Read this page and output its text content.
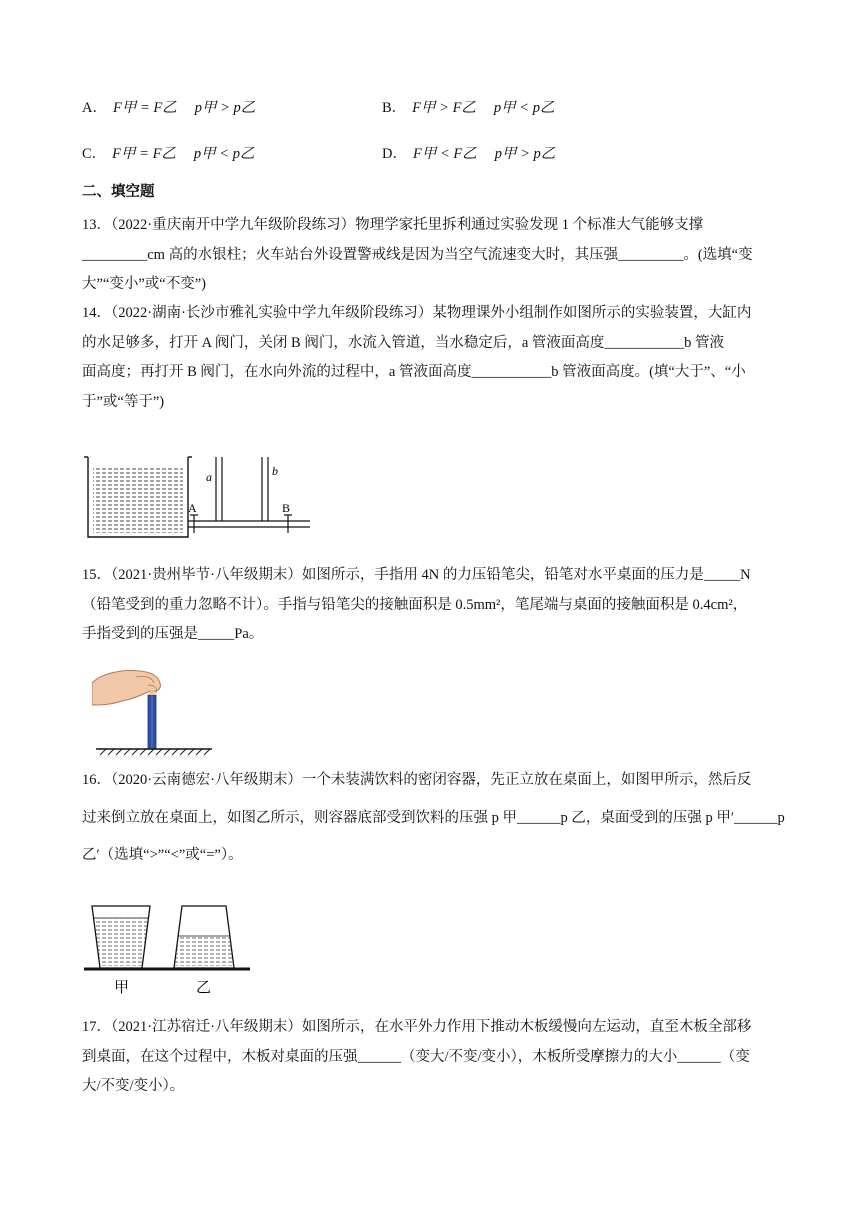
A． F甲 = F乙 p甲 > p乙	B． F甲 > F乙 p甲 < p乙
C． F甲 = F乙 p甲 < p乙	D． F甲 < F乙 p甲 > p乙
二、填空题
13．（2022·重庆南开中学九年级阶段练习）物理学家托里拆利通过实验发现 1 个标准大气能够支撑
_________cm 高的水银柱；火车站台外设置警戒线是因为当空气流速变大时，其压强_________。(选填“变
大”“变小”或“不变”)
14．（2022·湖南·长沙市雅礼实验中学九年级阶段练习）某物理课外小组制作如图所示的实验装置，大缸内
的水足够多，打开 A 阀门，关闭 B 阀门，水流入管道，当水稳定后，a 管液面高度___________b 管液
面高度；再打开 B 阀门，在水向外流的过程中，a 管液面高度___________b 管液面高度。(填“大于”、“小
于”或“等于”)
A
a	b
B
15．（2021·贵州毕节·八年级期末）如图所示，手指用 4N 的力压铅笔尖，铅笔对水平桌面的压力是_____N
（铅笔受到的重力忽略不计）。手指与铅笔尖的接触面积是 0.5mm²，笔尾端与桌面的接触面积是 0.4cm²，
手指受到的压强是_____Pa。
16．（2020·云南德宏·八年级期末）一个未装满饮料的密闭容器，先正立放在桌面上，如图甲所示，然后反
过来倒立放在桌面上，如图乙所示，则容器底部受到饮料的压强 p 甲______p 乙，桌面受到的压强 p 甲′______p
乙′（选填“>”“<”或“=”）。
甲	乙
17．（2021·江苏宿迁·八年级期末）如图所示，在水平外力作用下推动木板缓慢向左运动，直至木板全部移
到桌面，在这个过程中，木板对桌面的压强______（变大/不变/变小），木板所受摩擦力的大小______（变
大/不变/变小）。
